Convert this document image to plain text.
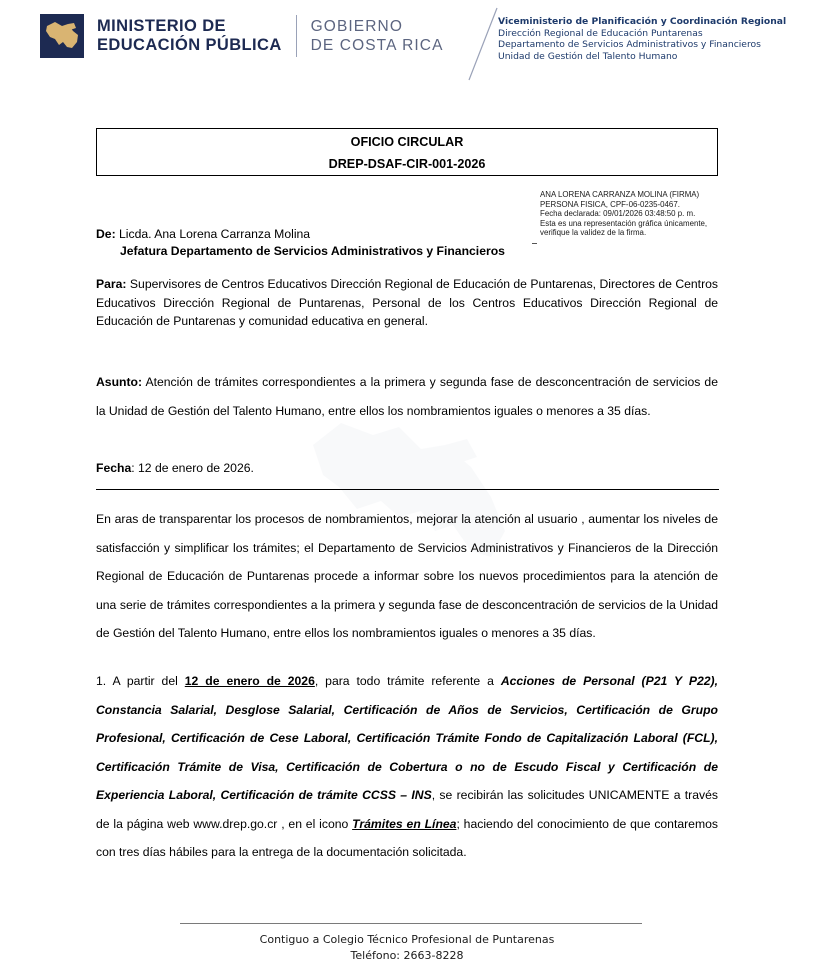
MINISTERIO DE
EDUCACIÓN PÚBLICA
GOBIERNO
DE COSTA RICA
Viceministerio de Planificación y Coordinación Regional
Dirección Regional de Educación Puntarenas
Departamento de Servicios Administrativos y Financieros
Unidad de Gestión del Talento Humano
OFICIO CIRCULAR
DREP-DSAF-CIR-001-2026
ANA LORENA CARRANZA MOLINA (FIRMA)
PERSONA FISICA, CPF-06-0235-0467.
Fecha declarada: 09/01/2026 03:48:50 p. m.
Esta es una representación gráfica únicamente,
verifique la validez de la firma.
De: Licda. Ana Lorena Carranza Molina
Jefatura Departamento de Servicios Administrativos y Financieros
Para: Supervisores de Centros Educativos Dirección Regional de Educación de Puntarenas, Directores de Centros Educativos Dirección Regional de Puntarenas, Personal de los Centros Educativos Dirección Regional de Educación de Puntarenas y comunidad educativa en general.
Asunto: Atención de trámites correspondientes a la primera y segunda fase de desconcentración de servicios de la Unidad de Gestión del Talento Humano, entre ellos los nombramientos iguales o menores a 35 días.
Fecha: 12 de enero de 2026.
En aras de transparentar los procesos de nombramientos, mejorar la atención al usuario , aumentar los niveles de satisfacción y simplificar los trámites; el Departamento de Servicios Administrativos y Financieros de la Dirección Regional de Educación de Puntarenas procede a informar sobre los nuevos procedimientos para la atención de una serie de trámites correspondientes a la primera y segunda fase de desconcentración de servicios de la Unidad de Gestión del Talento Humano, entre ellos los nombramientos iguales o menores a 35 días.
1. A partir del 12 de enero de 2026, para todo trámite referente a Acciones de Personal (P21 Y P22), Constancia Salarial, Desglose Salarial, Certificación de Años de Servicios, Certificación de Grupo Profesional, Certificación de Cese Laboral, Certificación Trámite Fondo de Capitalización Laboral (FCL), Certificación Trámite de Visa, Certificación de Cobertura o no de Escudo Fiscal y Certificación de Experiencia Laboral, Certificación de trámite CCSS – INS, se recibirán las solicitudes UNICAMENTE a través de la página web www.drep.go.cr , en el icono Trámites en Línea; haciendo del conocimiento de que contaremos con tres días hábiles para la entrega de la documentación solicitada.
Contiguo a Colegio Técnico Profesional de Puntarenas
Teléfono: 2663-8228
